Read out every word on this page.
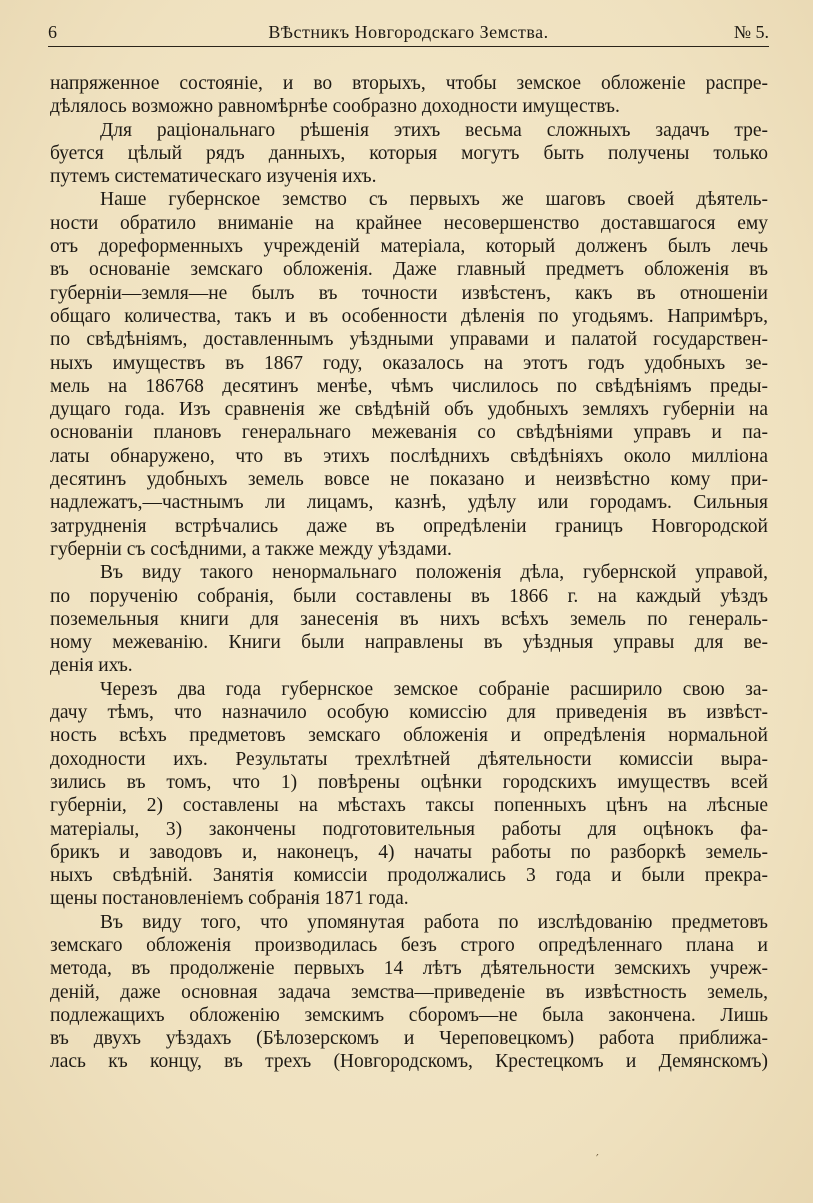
6	ВѢстникъ Новгородскаго Земства.	№ 5.
напряженное состояніе, и во вторыхъ, чтобы земское обложеніе распре-
дѣлялось возможно равномѣрнѣе сообразно доходности имуществъ.
Для раціональнаго рѣшенія этихъ весьма сложныхъ задачъ тре-
буется цѣлый рядъ данныхъ, которыя могутъ быть получены только
путемъ систематическаго изученія ихъ.
Наше губернское земство съ первыхъ же шаговъ своей дѣятель-
ности обратило вниманіе на крайнее несовершенство доставшагося ему
отъ дореформенныхъ учрежденій матеріала, который долженъ былъ лечь
въ основаніе земскаго обложенія. Даже главный предметъ обложенія въ
губерніи—земля—не былъ въ точности извѣстенъ, какъ въ отношеніи
общаго количества, такъ и въ особенности дѣленія по угодьямъ. Напримѣръ,
по свѣдѣніямъ, доставленнымъ уѣздными управами и палатой государствен-
ныхъ имуществъ въ 1867 году, оказалось на этотъ годъ удобныхъ зе-
мель на 186768 десятинъ менѣе, чѣмъ числилось по свѣдѣніямъ преды-
дущаго года. Изъ сравненія же свѣдѣній объ удобныхъ земляхъ губерніи на
основаніи плановъ генеральнаго межеванія со свѣдѣніями управъ и па-
латы обнаружено, что въ этихъ послѣднихъ свѣдѣніяхъ около милліона
десятинъ удобныхъ земель вовсе не показано и неизвѣстно кому при-
надлежатъ,—частнымъ ли лицамъ, казнѣ, удѣлу или городамъ. Сильныя
затрудненія встрѣчались даже въ опредѣленіи границъ Новгородской
губерніи съ сосѣдними, а также между уѣздами.
Въ виду такого ненормальнаго положенія дѣла, губернской управой,
по порученію собранія, были составлены въ 1866 г. на каждый уѣздъ
поземельныя книги для занесенія въ нихъ всѣхъ земель по генераль-
ному межеванію. Книги были направлены въ уѣздныя управы для ве-
денія ихъ.
Черезъ два года губернское земское собраніе расширило свою за-
дачу тѣмъ, что назначило особую комиссію для приведенія въ извѣст-
ность всѣхъ предметовъ земскаго обложенія и опредѣленія нормальной
доходности ихъ. Результаты трехлѣтней дѣятельности комиссіи выра-
зились въ томъ, что 1) повѣрены оцѣнки городскихъ имуществъ всей
губерніи, 2) составлены на мѣстахъ таксы попенныхъ цѣнъ на лѣсные
матеріалы, 3) закончены подготовительныя работы для оцѣнокъ фа-
брикъ и заводовъ и, наконецъ, 4) начаты работы по разборкѣ земель-
ныхъ свѣдѣній. Занятія комиссіи продолжались 3 года и были прекра-
щены постановленіемъ собранія 1871 года.
Въ виду того, что упомянутая работа по изслѣдованію предметовъ
земскаго обложенія производилась безъ строго опредѣленнаго плана и
метода, въ продолженіе первыхъ 14 лѣтъ дѣятельности земскихъ учреж-
деній, даже основная задача земства—приведеніе въ извѣстность земель,
подлежащихъ обложенію земскимъ сборомъ—не была закончена. Лишь
въ двухъ уѣздахъ (Бѣлозерскомъ и Череповецкомъ) работа приближа-
лась къ концу, въ трехъ (Новгородскомъ, Крестецкомъ и Демянскомъ)
′
